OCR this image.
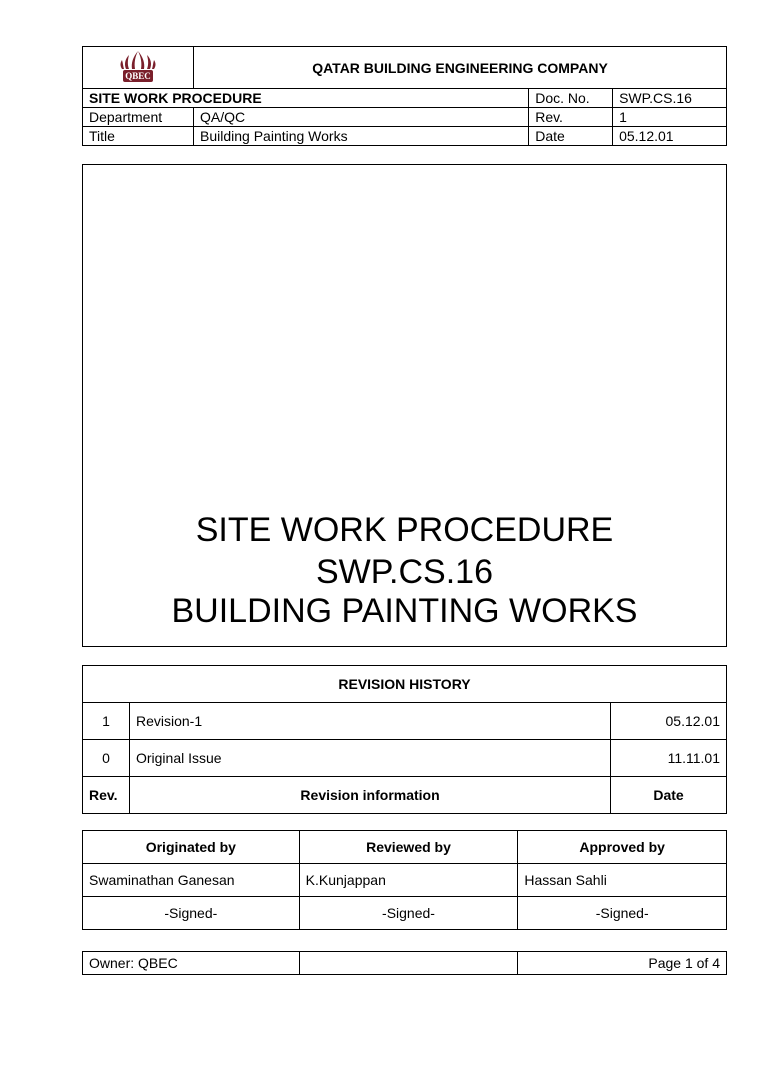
QBEC	QATAR BUILDING ENGINEERING COMPANY		
SITE WORK PROCEDURE		Doc. No.	SWP.CS.16
Department	QA/QC	Rev.	1
Title	Building Painting Works	Date	05.12.01
SITE WORK PROCEDURE
SWP.CS.16
BUILDING PAINTING WORKS
REVISION HISTORY		
1	Revision-1	05.12.01
0	Original Issue	11.11.01
Rev.	Revision information	Date
Originated by	Reviewed by	Approved by
Swaminathan Ganesan	K.Kunjappan	Hassan Sahli
-Signed-	-Signed-	-Signed-
Owner: QBEC		Page 1 of 4
